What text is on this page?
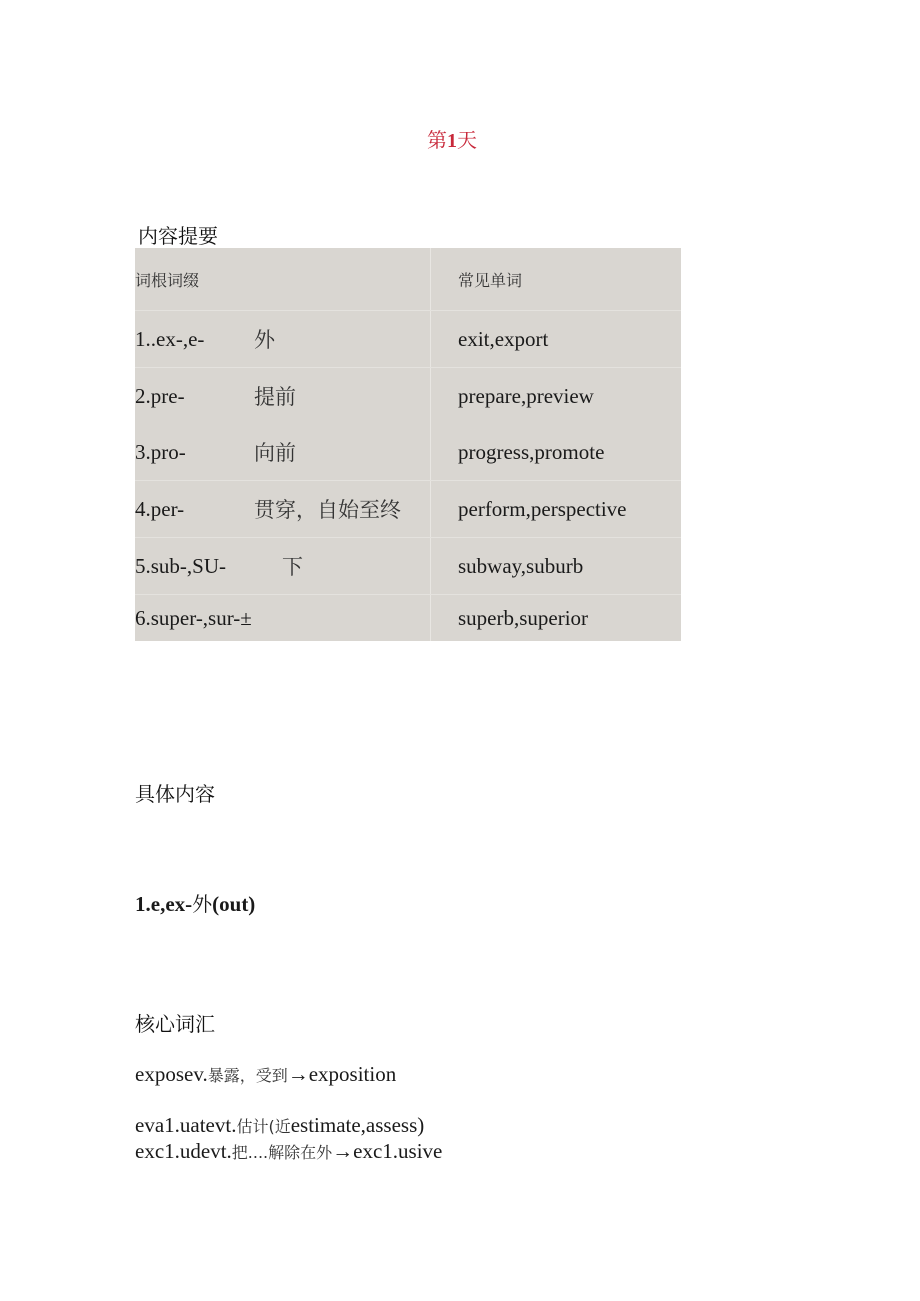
第1天
内容提要
词根词缀		常见单词
1..ex-,e-	外	exit,export
2.pre-	提前	prepare,preview
3.pro-	向前	progress,promote
4.per-	贯穿，自始至终	perform,perspective
5.sub-,SU-	下	subway,suburb
6.super-,sur-±		superb,superior
具体内容
1.e,ex-外(out)
核心词汇
exposev.暴露，受到→exposition
eva1.uatevt.估计(近estimate,assess)
exc1.udevt.把....解除在外→exc1.usive
